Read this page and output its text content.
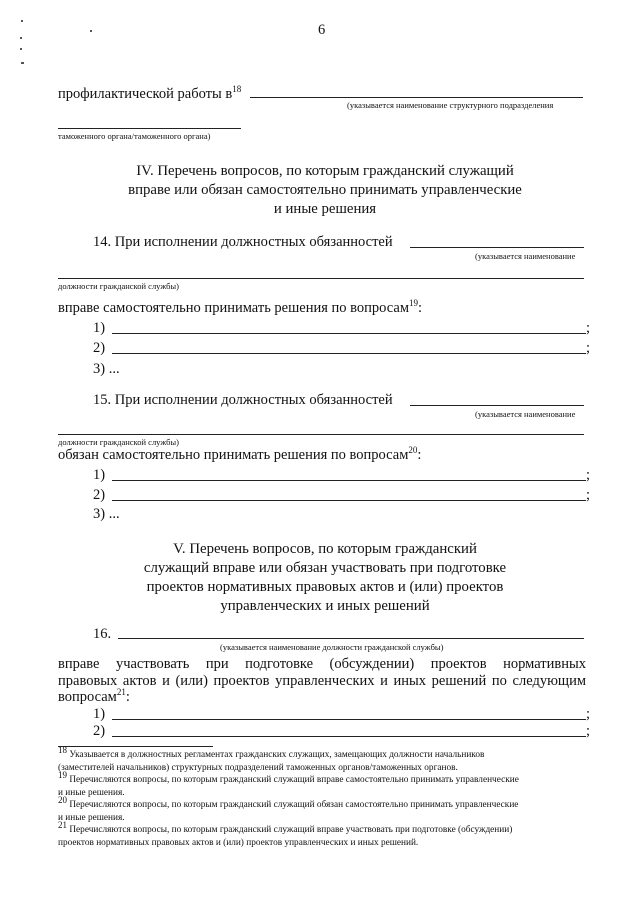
6
профилактической работы $в^{18}$
(указывается наименование структурного подразделения
таможенного органа/таможенного органа)
IV. Перечень вопросов, по которым гражданский служащий
вправе или обязан самостоятельно принимать управленческие
и иные решения
14. При исполнении должностных обязанностей
(указывается наименование
должности гражданской службы)
вправе самостоятельно принимать решения по вопросам$^{19}$:
1)	;
2)	;
3) ...
15. При исполнении должностных обязанностей
(указывается наименование
должности гражданской службы)
обязан самостоятельно принимать решения по вопросам$^{20}$:
1)	;
2)	;
3) ...
V. Перечень вопросов, по которым гражданский
служащий вправе или обязан участвовать при подготовке
проектов нормативных правовых актов и (или) проектов
управленческих и иных решений
16.
(указывается наименование должности гражданской службы)
вправе участвовать при подготовке (обсуждении) проектов нормативных
правовых актов и (или) проектов управленческих и иных решений по следующим
вопросам$^{21}$:
1)	;
2)	;
$^{18}$ Указывается в должностных регламентах гражданских служащих, замещающих должности начальников
(заместителей начальников) структурных подразделений таможенных органов/таможенных органов.
$^{19}$ Перечисляются вопросы, по которым гражданский служащий вправе самостоятельно принимать управленческие
и иные решения.
$^{20}$ Перечисляются вопросы, по которым гражданский служащий обязан самостоятельно принимать управленческие
и иные решения.
$^{21}$ Перечисляются вопросы, по которым гражданский служащий вправе участвовать при подготовке (обсуждении)
проектов нормативных правовых актов и (или) проектов управленческих и иных решений.
